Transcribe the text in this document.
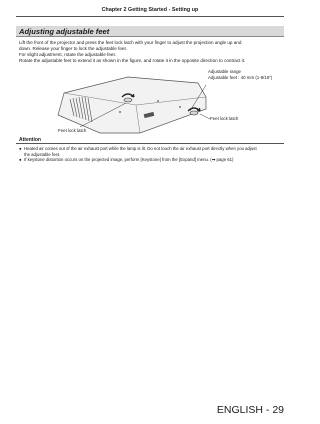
Chapter 2 Getting Started - Setting up
Adjusting adjustable feet
Lift the front of the projector and press the feet lock latch with your finger to adjust the projection angle up and
down. Release your finger to lock the adjustable feet.
For slight adjustment, rotate the adjustable feet.
Rotate the adjustable feet to extend it as shown in the figure, and rotate it in the opposite direction to contract it.
Adjustable range
Adjustable feet : 40 mm (1-9/16")
Feet lock latch
Feet lock latch
Attention
● Heated air comes out of the air exhaust port while the lamp is lit. Do not touch the air exhaust port directly when you adjust
the adjustable feet.
● If keystone distortion occurs on the projected image, perform [Keystone] from the [Expand] menu. (➡ page 61)
ENGLISH - 29
